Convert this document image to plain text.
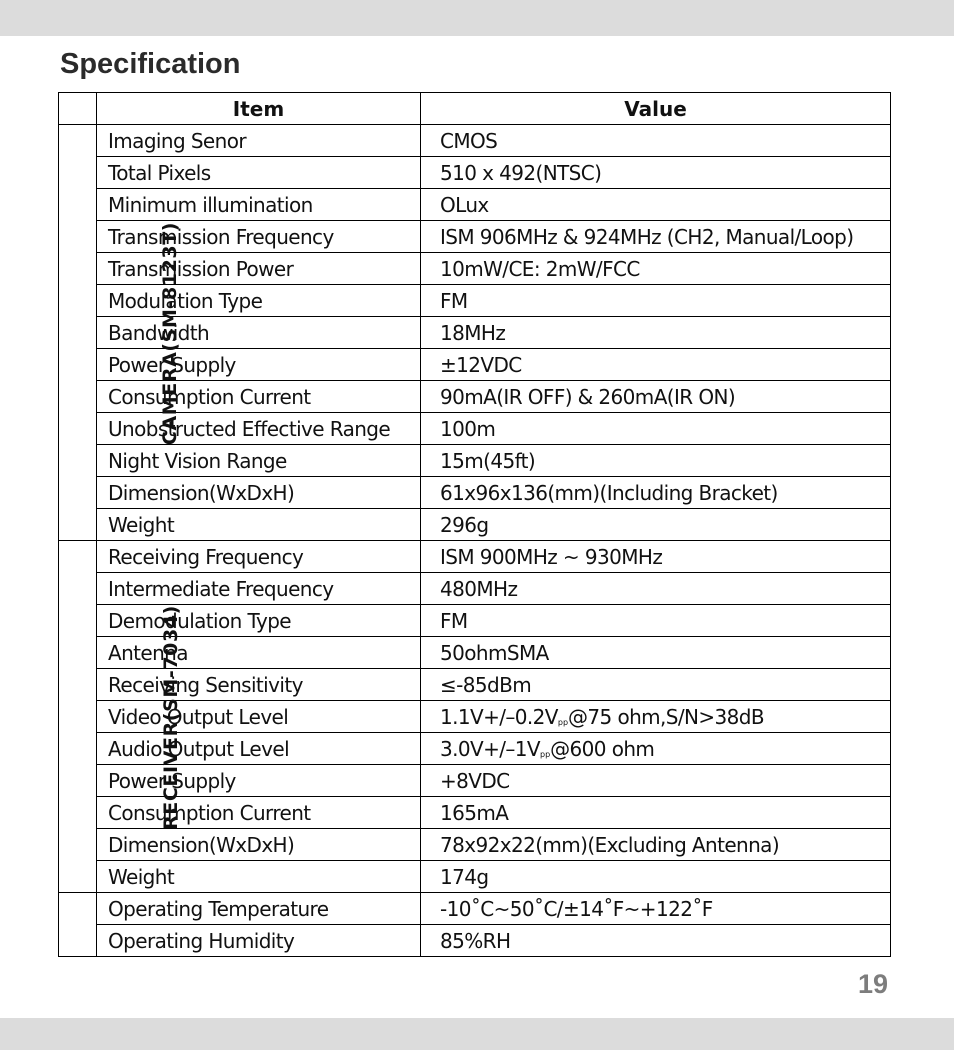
Specification
	Item	Value
CAMERA(SM-8123T)	Imaging Senor	CMOS
	Total Pixels	510 x 492(NTSC)
	Minimum illumination	OLux
	Transmission Frequency	ISM 906MHz & 924MHz (CH2, Manual/Loop)
	Transmission Power	10mW/CE: 2mW/FCC
	Modulation Type	FM
	Bandwidth	18MHz
	Power Supply	±12VDC
	Consumption Current	90mA(IR OFF) & 260mA(IR ON)
	Unobstructed Effective Range	100m
	Night Vision Range	15m(45ft)
	Dimension(WxDxH)	61x96x136(mm)(Including Bracket)
	Weight	296g
RECEIVER(SM-7034)	Receiving Frequency	ISM 900MHz ~ 930MHz
	Intermediate Frequency	480MHz
	Demodulation Type	FM
	Antenna	50ohmSMA
	Receiving Sensitivity	≤-85dBm
	Video Output Level	$1.1V+/-0.2V_{pp}@75$ ohm,S/N>38dB
	Audio Output Level	$3.0V+/-1V_{pp}@600$ ohm
	Power Supply	+8VDC
	Consumption Current	165mA
	Dimension(WxDxH)	78x92x22(mm)(Excluding Antenna)
	Weight	174g
	Operating Temperature	-10˚C~50˚C/±14˚F~+122˚F
	Operating Humidity	85%RH
19
